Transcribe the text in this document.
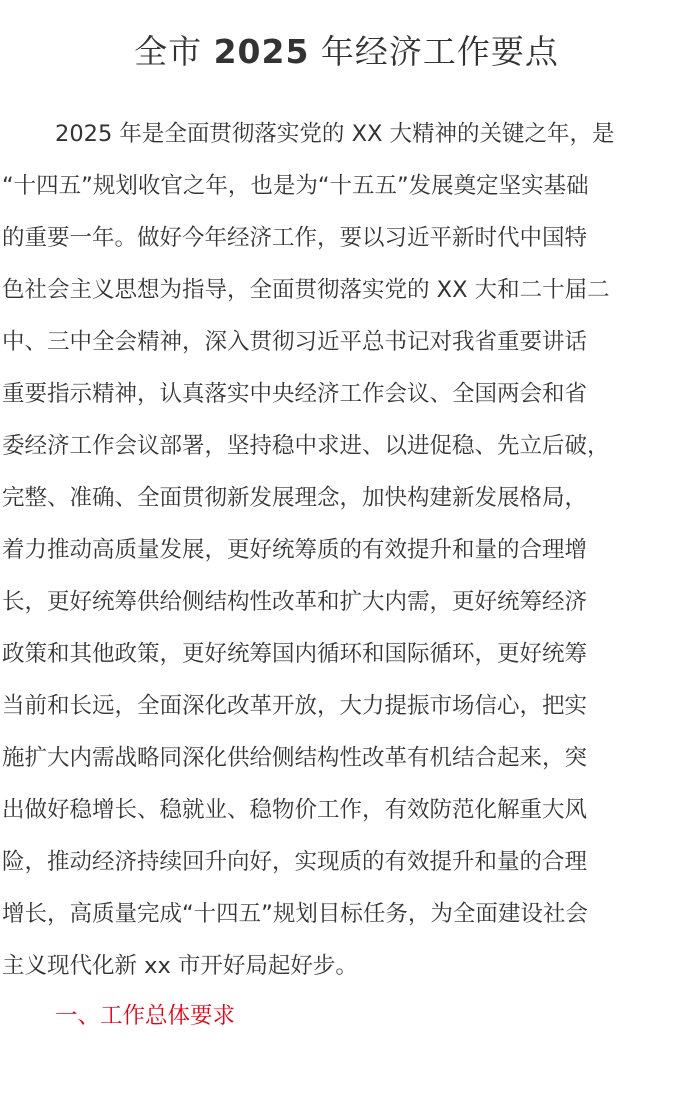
全市 2025 年经济工作要点
2025 年是全面贯彻落实党的 XX 大精神的关键之年，是
“十四五”规划收官之年，也是为“十五五”发展奠定坚实基础
的重要一年。做好今年经济工作，要以习近平新时代中国特
色社会主义思想为指导，全面贯彻落实党的 XX 大和二十届二
中、三中全会精神，深入贯彻习近平总书记对我省重要讲话
重要指示精神，认真落实中央经济工作会议、全国两会和省
委经济工作会议部署，坚持稳中求进、以进促稳、先立后破，
完整、准确、全面贯彻新发展理念，加快构建新发展格局，
着力推动高质量发展，更好统筹质的有效提升和量的合理增
长，更好统筹供给侧结构性改革和扩大内需，更好统筹经济
政策和其他政策，更好统筹国内循环和国际循环，更好统筹
当前和长远，全面深化改革开放，大力提振市场信心，把实
施扩大内需战略同深化供给侧结构性改革有机结合起来，突
出做好稳增长、稳就业、稳物价工作，有效防范化解重大风
险，推动经济持续回升向好，实现质的有效提升和量的合理
增长，高质量完成“十四五”规划目标任务，为全面建设社会
主义现代化新 xx 市开好局起好步。
一、工作总体要求
